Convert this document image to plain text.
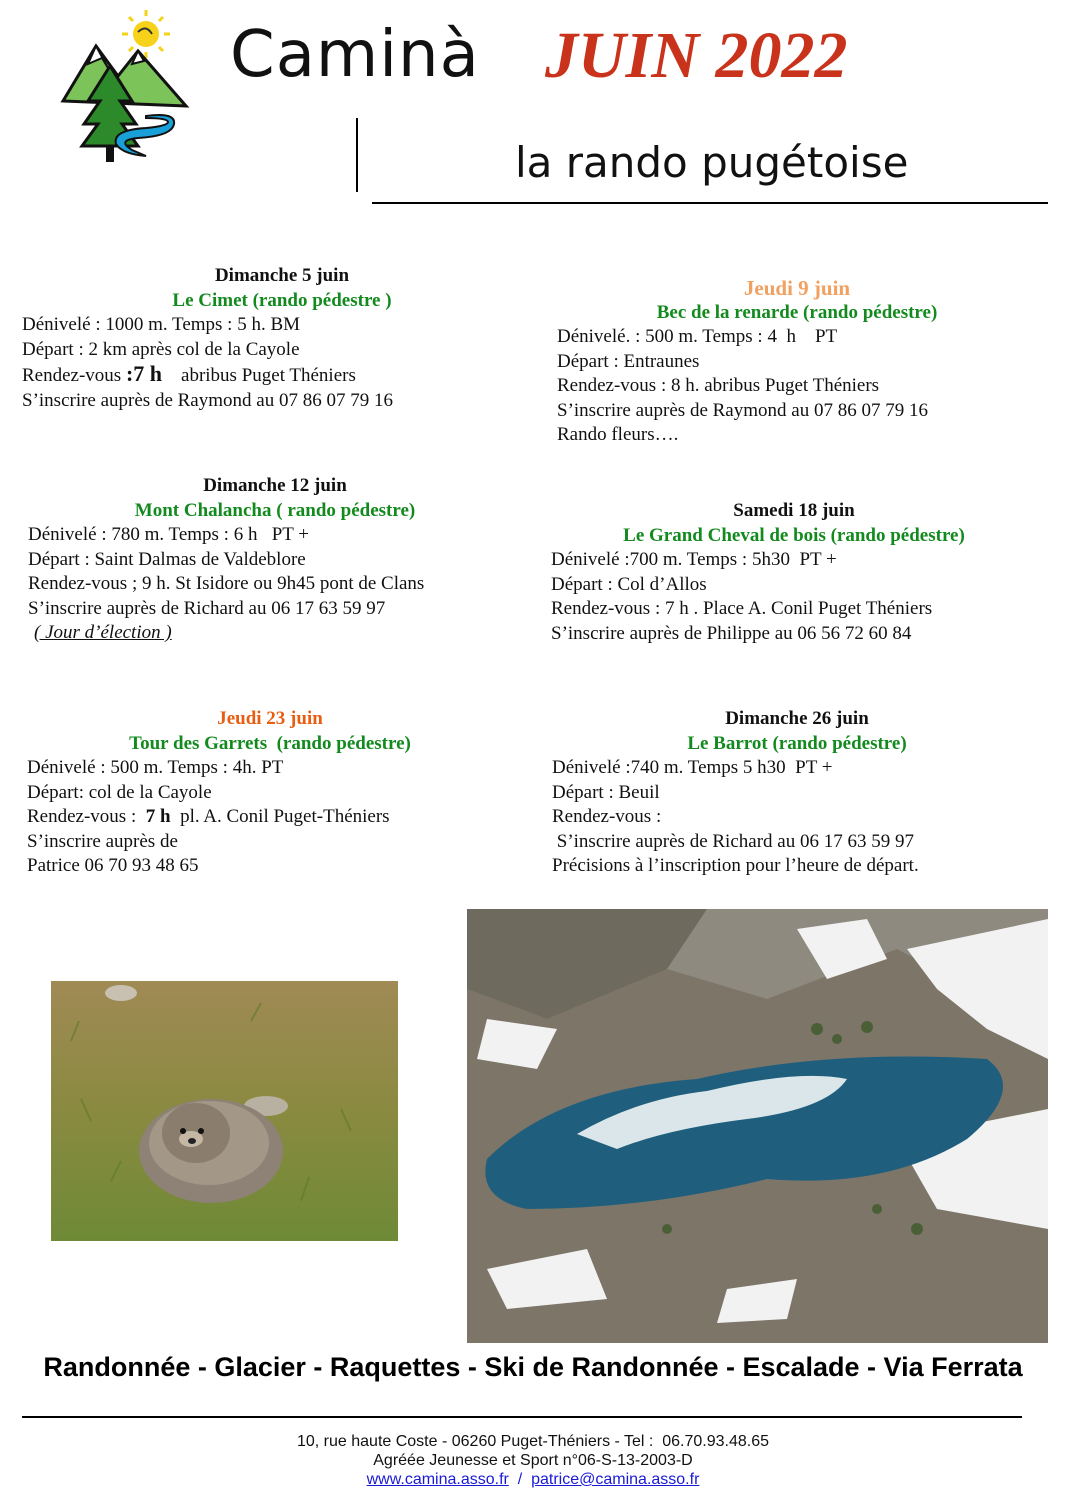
Caminà JUIN 2022
la rando pugétoise
Dimanche 5 juin
Le Cimet (rando pédestre )
Dénivelé : 1000 m. Temps : 5 h. BM
Départ : 2 km après col de la Cayole
Rendez-vous :7 h    abribus Puget Théniers
S’inscrire auprès de Raymond au 07 86 07 79 16
Jeudi 9 juin
Bec de la renarde (rando pédestre)
Dénivelé. : 500 m. Temps : 4  h    PT
Départ : Entraunes
Rendez-vous : 8 h. abribus Puget Théniers
S’inscrire auprès de Raymond au 07 86 07 79 16
Rando fleurs….
Dimanche 12 juin
Mont Chalancha ( rando pédestre)
Dénivelé : 780 m. Temps : 6 h   PT +
Départ : Saint Dalmas de Valdeblore
Rendez-vous ; 9 h. St Isidore ou 9h45 pont de Clans
S’inscrire auprès de Richard au 06 17 63 59 97
( Jour d’élection )
Samedi 18 juin
Le Grand Cheval de bois (rando pédestre)
Dénivelé :700 m. Temps : 5h30  PT +
Départ : Col d’Allos
Rendez-vous : 7 h . Place A. Conil Puget Théniers
S’inscrire auprès de Philippe au 06 56 72 60 84
Jeudi 23 juin
Tour des Garrets  (rando pédestre)
Dénivelé : 500 m. Temps : 4h. PT
Départ: col de la Cayole
Rendez-vous :  7 h  pl. A. Conil Puget-Théniers
S’inscrire auprès de
Patrice 06 70 93 48 65
Dimanche 26 juin
Le Barrot (rando pédestre)
Dénivelé :740 m. Temps 5 h30  PT +
Départ : Beuil
Rendez-vous :
S’inscrire auprès de Richard au 06 17 63 59 97
Précisions à l’inscription pour l’heure de départ.
Randonnée - Glacier - Raquettes - Ski de Randonnée - Escalade - Via Ferrata
10, rue haute Coste - 06260 Puget-Théniers - Tel :  06.70.93.48.65
Agréée Jeunesse et Sport n°06-S-13-2003-D
www.camina.asso.fr  /  patrice@camina.asso.fr
